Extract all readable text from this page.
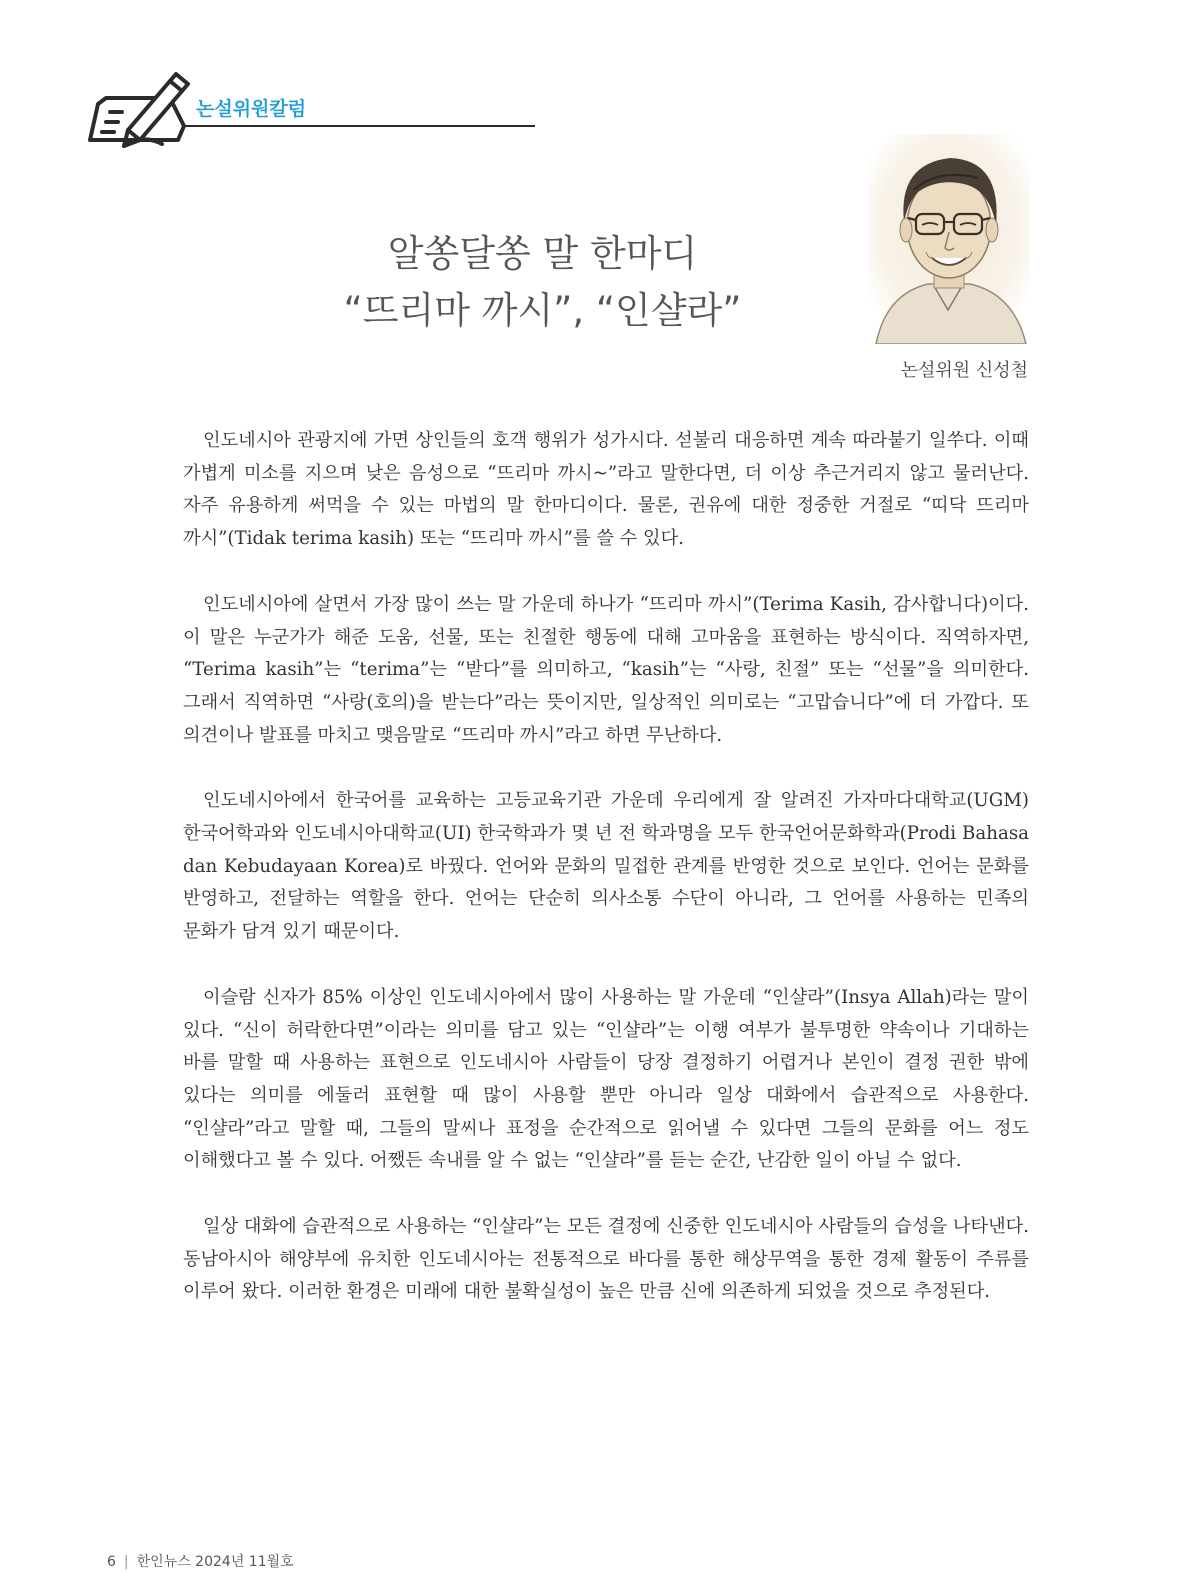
논설위원칼럼
알쏭달쏭 말 한마디
“뜨리마 까시”, “인샬라”
논설위원 신성철

인도네시아 관광지에 가면 상인들의 호객 행위가 성가시다. 섣불리 대응하면 계속 따라붙기 일쑤다. 이때 가볍게 미소를 지으며 낮은 음성으로 “뜨리마 까시~”라고 말한다면, 더 이상 추근거리지 않고 물러난다. 자주 유용하게 써먹을 수 있는 마법의 말 한마디이다. 물론, 권유에 대한 정중한 거절로 “띠닥 뜨리마 까시”(Tidak terima kasih) 또는 “뜨리마 까시”를 쓸 수 있다.

인도네시아에 살면서 가장 많이 쓰는 말 가운데 하나가 “뜨리마 까시”(Terima Kasih, 감사합니다)이다. 이 말은 누군가가 해준 도움, 선물, 또는 친절한 행동에 대해 고마움을 표현하는 방식이다. 직역하자면, “Terima kasih”는 “terima”는 “받다”를 의미하고, “kasih”는 “사랑, 친절” 또는 “선물”을 의미한다. 그래서 직역하면 “사랑(호의)을 받는다”라는 뜻이지만, 일상적인 의미로는 “고맙습니다”에 더 가깝다. 또 의견이나 발표를 마치고 맺음말로 “뜨리마 까시”라고 하면 무난하다.

인도네시아에서 한국어를 교육하는 고등교육기관 가운데 우리에게 잘 알려진 가자마다대학교(UGM) 한국어학과와 인도네시아대학교(UI) 한국학과가 몇 년 전 학과명을 모두 한국언어문화학과(Prodi Bahasa dan Kebudayaan Korea)로 바꿨다. 언어와 문화의 밀접한 관계를 반영한 것으로 보인다. 언어는 문화를 반영하고, 전달하는 역할을 한다. 언어는 단순히 의사소통 수단이 아니라, 그 언어를 사용하는 민족의 문화가 담겨 있기 때문이다.

이슬람 신자가 85% 이상인 인도네시아에서 많이 사용하는 말 가운데 “인샬라”(Insya Allah)라는 말이 있다. “신이 허락한다면”이라는 의미를 담고 있는 “인샬라”는 이행 여부가 불투명한 약속이나 기대하는 바를 말할 때 사용하는 표현으로 인도네시아 사람들이 당장 결정하기 어렵거나 본인이 결정 권한 밖에 있다는 의미를 에둘러 표현할 때 많이 사용할 뿐만 아니라 일상 대화에서 습관적으로 사용한다. “인샬라”라고 말할 때, 그들의 말씨나 표정을 순간적으로 읽어낼 수 있다면 그들의 문화를 어느 정도 이해했다고 볼 수 있다. 어쨌든 속내를 알 수 없는 “인샬라”를 듣는 순간, 난감한 일이 아닐 수 없다.

일상 대화에 습관적으로 사용하는 “인샬라”는 모든 결정에 신중한 인도네시아 사람들의 습성을 나타낸다. 동남아시아 해양부에 유치한 인도네시아는 전통적으로 바다를 통한 해상무역을 통한 경제 활동이 주류를 이루어 왔다. 이러한 환경은 미래에 대한 불확실성이 높은 만큼 신에 의존하게 되었을 것으로 추정된다.

6 | 한인뉴스 2024년 11월호
